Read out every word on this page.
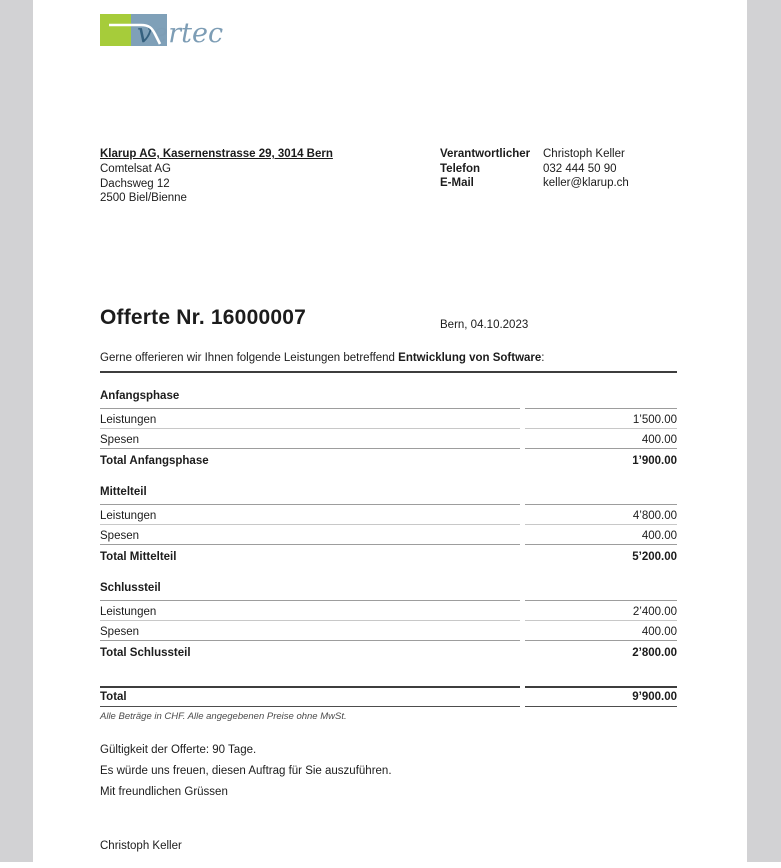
vertec
Klarup AG, Kasernenstrasse 29, 3014 Bern
Comtelsat AG
Dachsweg 12
2500 Biel/Bienne
Verantwortlicher	Christoph Keller
Telefon	032 444 50 90
E-Mail	keller@klarup.ch
Offerte Nr. 16000007	Bern, 04.10.2023
Gerne offerieren wir Ihnen folgende Leistungen betreffend Entwicklung von Software:
Anfangsphase
Leistungen	1’500.00
Spesen	400.00
Total Anfangsphase	1’900.00
Mittelteil
Leistungen	4’800.00
Spesen	400.00
Total Mittelteil	5’200.00
Schlussteil
Leistungen	2’400.00
Spesen	400.00
Total Schlussteil	2’800.00
Total	9’900.00
Alle Beträge in CHF. Alle angegebenen Preise ohne MwSt.
Gültigkeit der Offerte: 90 Tage.
Es würde uns freuen, diesen Auftrag für Sie auszuführen.
Mit freundlichen Grüssen
Christoph Keller
